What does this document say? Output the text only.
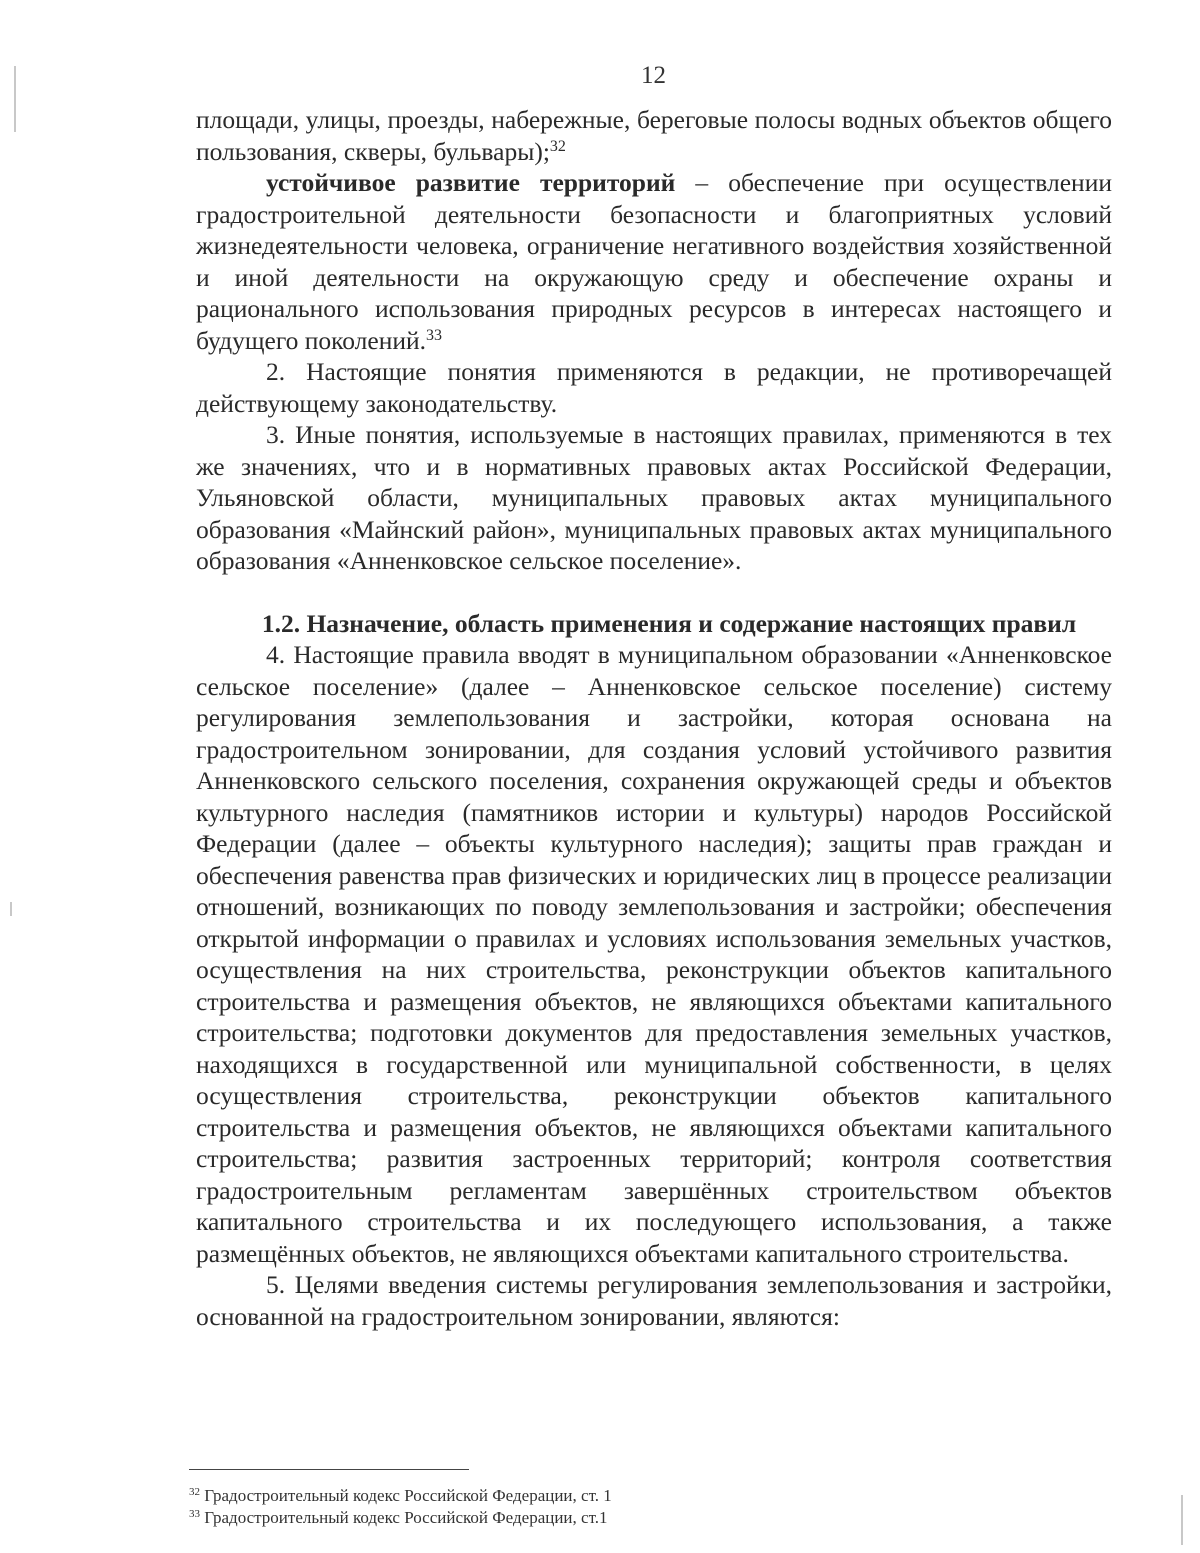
12

площади, улицы, проезды, набережные, береговые полосы водных объектов общего пользования, скверы, бульвары);$^{32}$

устойчивое развитие территорий – обеспечение при осуществлении градостроительной деятельности безопасности и благоприятных условий жизнедеятельности человека, ограничение негативного воздействия хозяйственной и иной деятельности на окружающую среду и обеспечение охраны и рационального использования природных ресурсов в интересах настоящего и будущего поколений.$^{33}$

2. Настоящие понятия применяются в редакции, не противоречащей действующему законодательству.

3. Иные понятия, используемые в настоящих правилах, применяются в тех же значениях, что и в нормативных правовых актах Российской Федерации, Ульяновской области, муниципальных правовых актах муниципального образования «Майнский район», муниципальных правовых актах муниципального образования «Анненковское сельское поселение».

1.2. Назначение, область применения и содержание настоящих правил

4. Настоящие правила вводят в муниципальном образовании «Анненковское сельское поселение» (далее – Анненковское сельское поселение) систему регулирования землепользования и застройки, которая основана на градостроительном зонировании, для создания условий устойчивого развития Анненковского сельского поселения, сохранения окружающей среды и объектов культурного наследия (памятников истории и культуры) народов Российской Федерации (далее – объекты культурного наследия); защиты прав граждан и обеспечения равенства прав физических и юридических лиц в процессе реализации отношений, возникающих по поводу землепользования и застройки; обеспечения открытой информации о правилах и условиях использования земельных участков, осуществления на них строительства, реконструкции объектов капитального строительства и размещения объектов, не являющихся объектами капитального строительства; подготовки документов для предоставления земельных участков, находящихся в государственной или муниципальной собственности, в целях осуществления строительства, реконструкции объектов капитального строительства и размещения объектов, не являющихся объектами капитального строительства; развития застроенных территорий; контроля соответствия градостроительным регламентам завершённых строительством объектов капитального строительства и их последующего использования, а также размещённых объектов, не являющихся объектами капитального строительства.

5. Целями введения системы регулирования землепользования и застройки, основанной на градостроительном зонировании, являются:

$^{32}$ Градостроительный кодекс Российской Федерации, ст. 1
$^{33}$ Градостроительный кодекс Российской Федерации, ст.1
